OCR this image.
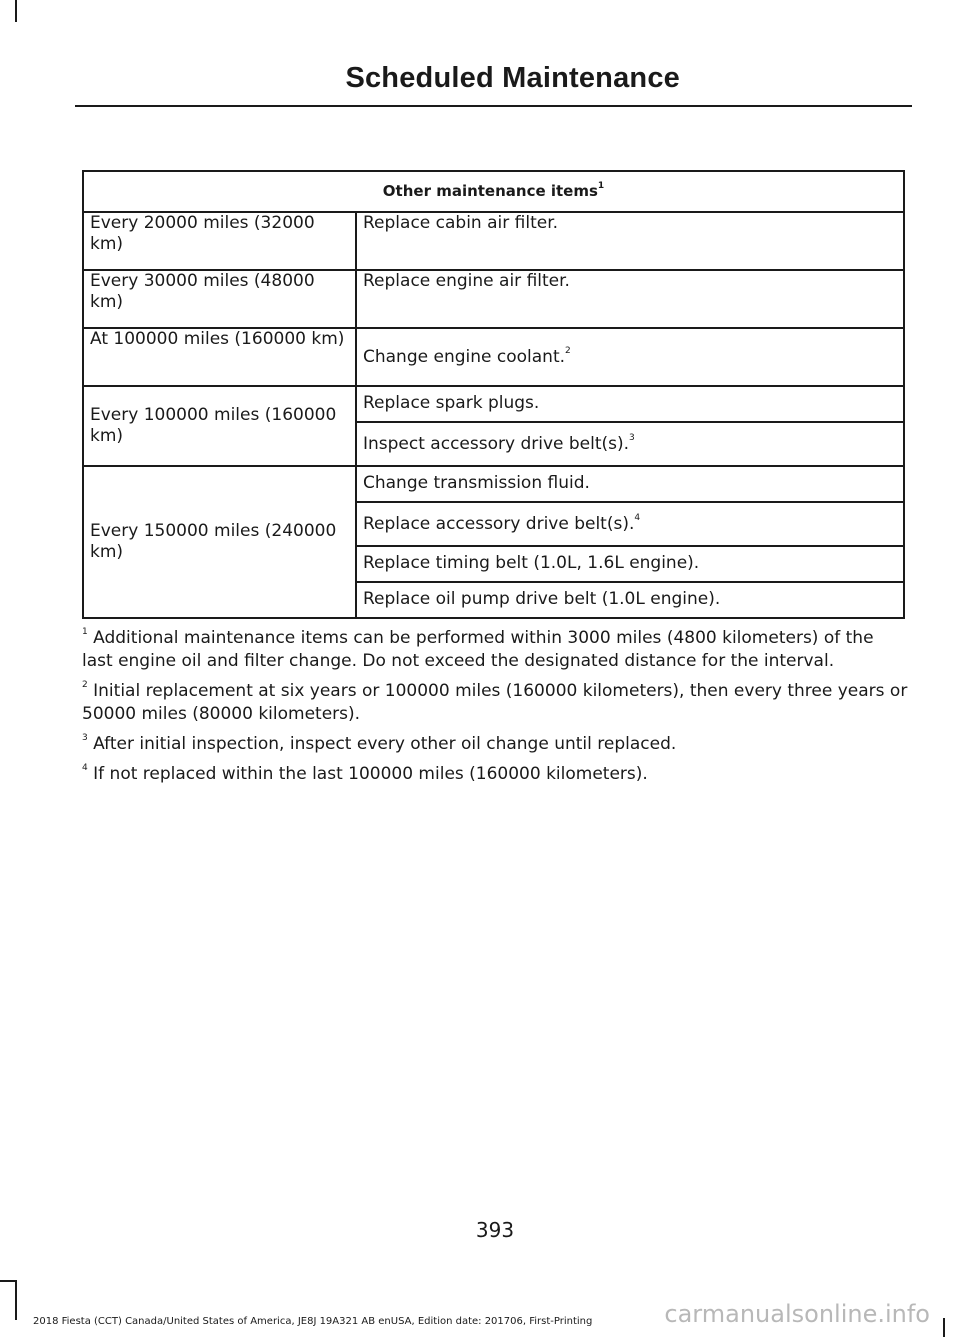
Scheduled Maintenance
Other maintenance items$^1$
Every 20000 miles (32000 km)	Replace cabin air filter.
Every 30000 miles (48000 km)	Replace engine air filter.
At 100000 miles (160000 km)	Change engine coolant.$^2$
Every 100000 miles (160000 km)	Replace spark plugs.
	Inspect accessory drive belt(s).$^3$
Every 150000 miles (240000 km)	Change transmission fluid.
	Replace accessory drive belt(s).$^4$
	Replace timing belt (1.0L, 1.6L engine).
	Replace oil pump drive belt (1.0L engine).

$^1$ Additional maintenance items can be performed within 3000 miles (4800 kilometers) of the last engine oil and filter change. Do not exceed the designated distance for the interval.

$^2$ Initial replacement at six years or 100000 miles (160000 kilometers), then every three years or 50000 miles (80000 kilometers).

$^3$ After initial inspection, inspect every other oil change until replaced.

$^4$ If not replaced within the last 100000 miles (160000 kilometers).

393

2018 Fiesta (CCT) Canada/United States of America, JE8J 19A321 AB enUSA, Edition date: 201706, First-Printing	carmanualsonline.info
